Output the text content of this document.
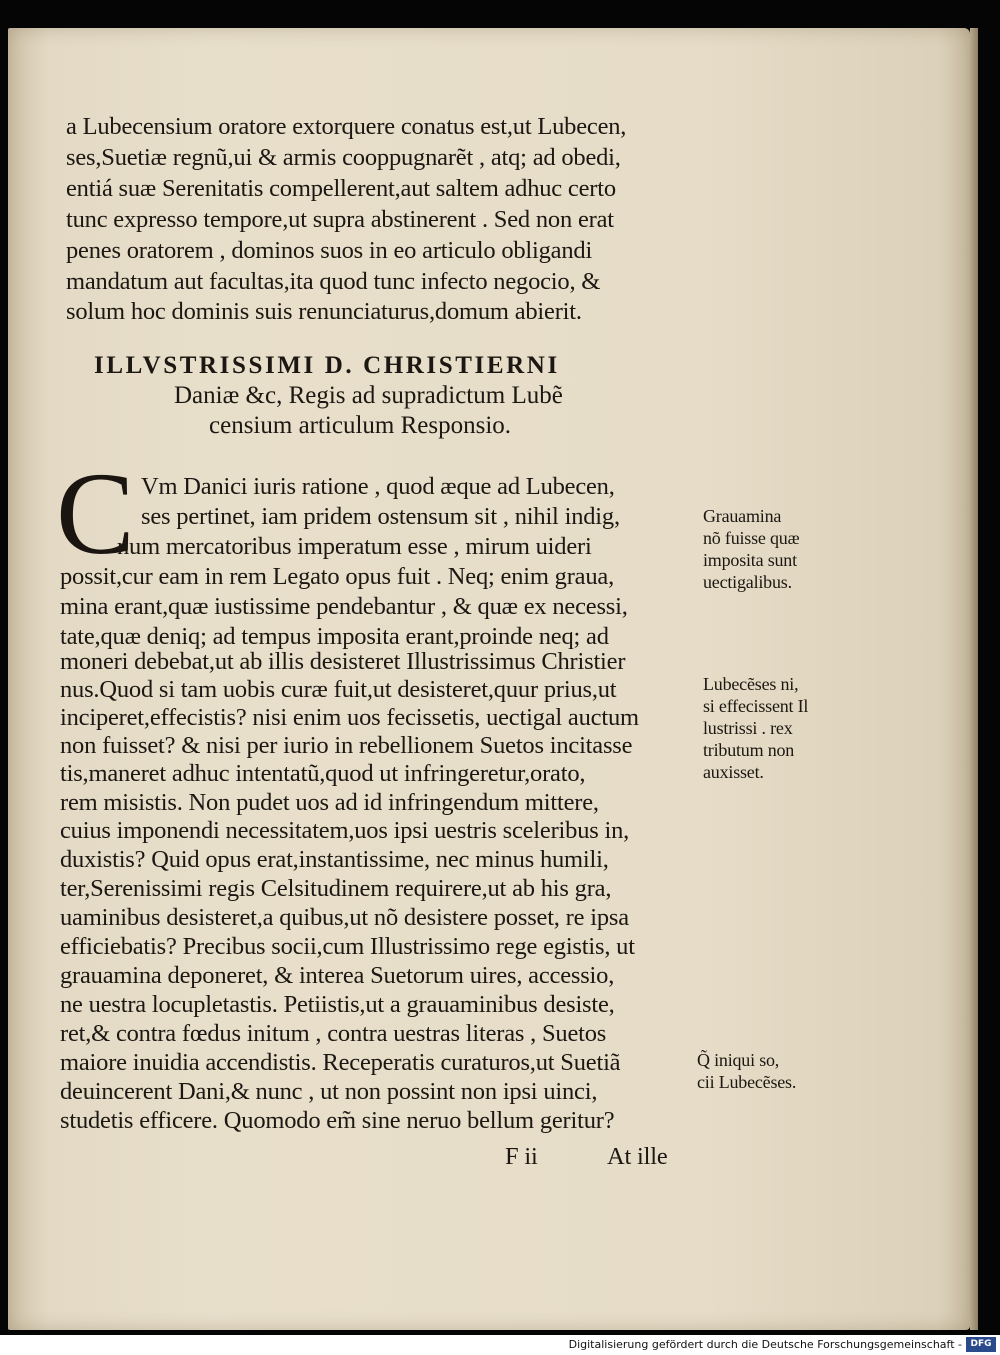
a Lubecensium oratore extorquere conatus est,ut Lubecen,
ses,Suetiæ regnũ,ui & armis cooppugnarẽt , atq; ad obedi,
entiá suæ Serenitatis compellerent,aut saltem adhuc certo
tunc expresso tempore,ut supra abstinerent . Sed non erat
penes oratorem , dominos suos in eo articulo obligandi
mandatum aut facultas,ita quod tunc infecto negocio, &
solum hoc dominis suis renunciaturus,domum abierit.
ILLVSTRISSIMI D. CHRISTIERNI
Daniæ &c, Regis ad supradictum Lubẽ
censium articulum Responsio.
C Vm Danici iuris ratione , quod æque ad Lubecen,
ses pertinet, iam pridem ostensum sit , nihil indig,
num mercatoribus imperatum esse , mirum uideri
possit,cur eam in rem Legato opus fuit . Neq; enim graua,
mina erant,quæ iustissime pendebantur , & quæ ex necessi,
tate,quæ deniq; ad tempus imposita erant,proinde neq; ad
moneri debebat,ut ab illis desisteret Illustrissimus Christier
nus.Quod si tam uobis curæ fuit,ut desisteret,quur prius,ut
inciperet,effecistis? nisi enim uos fecissetis, uectigal auctum
non fuisset? & nisi per iurio in rebellionem Suetos incitasse
tis,maneret adhuc intentatũ,quod ut infringeretur,orato,
rem misistis. Non pudet uos ad id infringendum mittere,
cuius imponendi necessitatem,uos ipsi uestris sceleribus in,
duxistis? Quid opus erat,instantissime, nec minus humili,
ter,Serenissimi regis Celsitudinem requirere,ut ab his gra,
uaminibus desisteret,a quibus,ut nõ desistere posset, re ipsa
efficiebatis? Precibus socii,cum Illustrissimo rege egistis, ut
grauamina deponeret, & interea Suetorum uires, accessio,
ne uestra locupletastis. Petiistis,ut a grauaminibus desiste,
ret,& contra fœdus initum , contra uestras literas , Suetos
maiore inuidia accendistis. Receperatis curaturos,ut Suetiã
deuincerent Dani,& nunc , ut non possint non ipsi uinci,
studetis efficere. Quomodo em̃ sine neruo bellum geritur?
F ii	At ille
Grauamina
nõ fuisse quæ
imposita sunt
uectigalibus.
Lubecẽses ni,
si effecissent Il
lustrissi . rex
tributum non
auxisset.
Q̃ iniqui so,
cii Lubecẽses.
Digitalisierung gefördert durch die Deutsche Forschungsgemeinschaft - DFG
